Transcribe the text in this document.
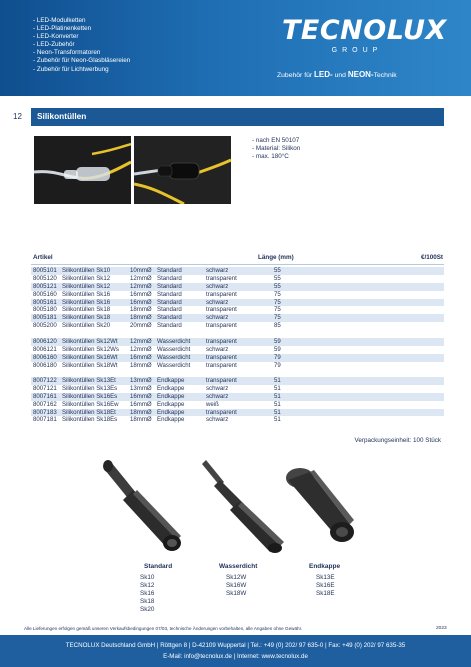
- LED-Modulketten
- LED-Platinenketten
- LED-Konverter
- LED-Zubehör
- Neon-Transformatoren
- Zubehör für Neon-Glasbläsereien
- Zubehör für Lichtwerbung
TECNOLUX
GROUP
Zubehör für LED- und NEON-Technik
12 Silikontüllen
- nach EN 50107
- Material: Silikon
- max. 180°C
Artikel	Länge (mm)	€/100St
8005101 Silikontüllen Sk10	10mmØ Standard	schwarz	55
8005120 Silikontüllen Sk12	12mmØ Standard	transparent	55
8005121 Silikontüllen Sk12	12mmØ Standard	schwarz	55
8005160 Silikontüllen Sk16	16mmØ Standard	transparent	75
8005161 Silikontüllen Sk16	16mmØ Standard	schwarz	75
8005180 Silikontüllen Sk18	18mmØ Standard	transparent	75
8005181 Silikontüllen Sk18	18mmØ Standard	schwarz	75
8005200 Silikontüllen Sk20	20mmØ Standard	transparent	85
8006120 Silikontüllen Sk12Wt 12mmØ Wasserdicht	transparent	59
8006121 Silikontüllen Sk12Ws 12mmØ Wasserdicht	schwarz	59
8006160 Silikontüllen Sk16Wt 16mmØ Wasserdicht	transparent	79
8006180 Silikontüllen Sk18Wt 18mmØ Wasserdicht	transparent	79
8007122 Silikontüllen Sk13Et 13mmØ Endkappe	transparent	51
8007121 Silikontüllen Sk13Es 13mmØ Endkappe	schwarz	51
8007161 Silikontüllen Sk16Es 16mmØ Endkappe	schwarz	51
8007162 Silikontüllen Sk16Ew 16mmØ Endkappe	weiß	51
8007183 Silikontüllen Sk18Et 18mmØ Endkappe	transparent	51
8007181 Silikontüllen Sk18Es 18mmØ Endkappe	schwarz	51
Verpackungseinheit: 100 Stück
Standard
Sk10
Sk12
Sk16
Sk18
Sk20
Wasserdicht
Sk12W
Sk16W
Sk18W
Endkappe
Sk13E
Sk16E
Sk18E
Alle Lieferungen erfolgen gemäß unseren Verkaufsbedingungen 07/03, technische Änderungen vorbehalten, alle Angaben ohne Gewähr.	2023
TECNOLUX Deutschland GmbH | Röttgen 8 | D-42109 Wuppertal | Tel.: +49 (0) 202/ 97 635-0 | Fax: +49 (0) 202/ 97 635-35
E-Mail: info@tecnolux.de | Internet: www.tecnolux.de
